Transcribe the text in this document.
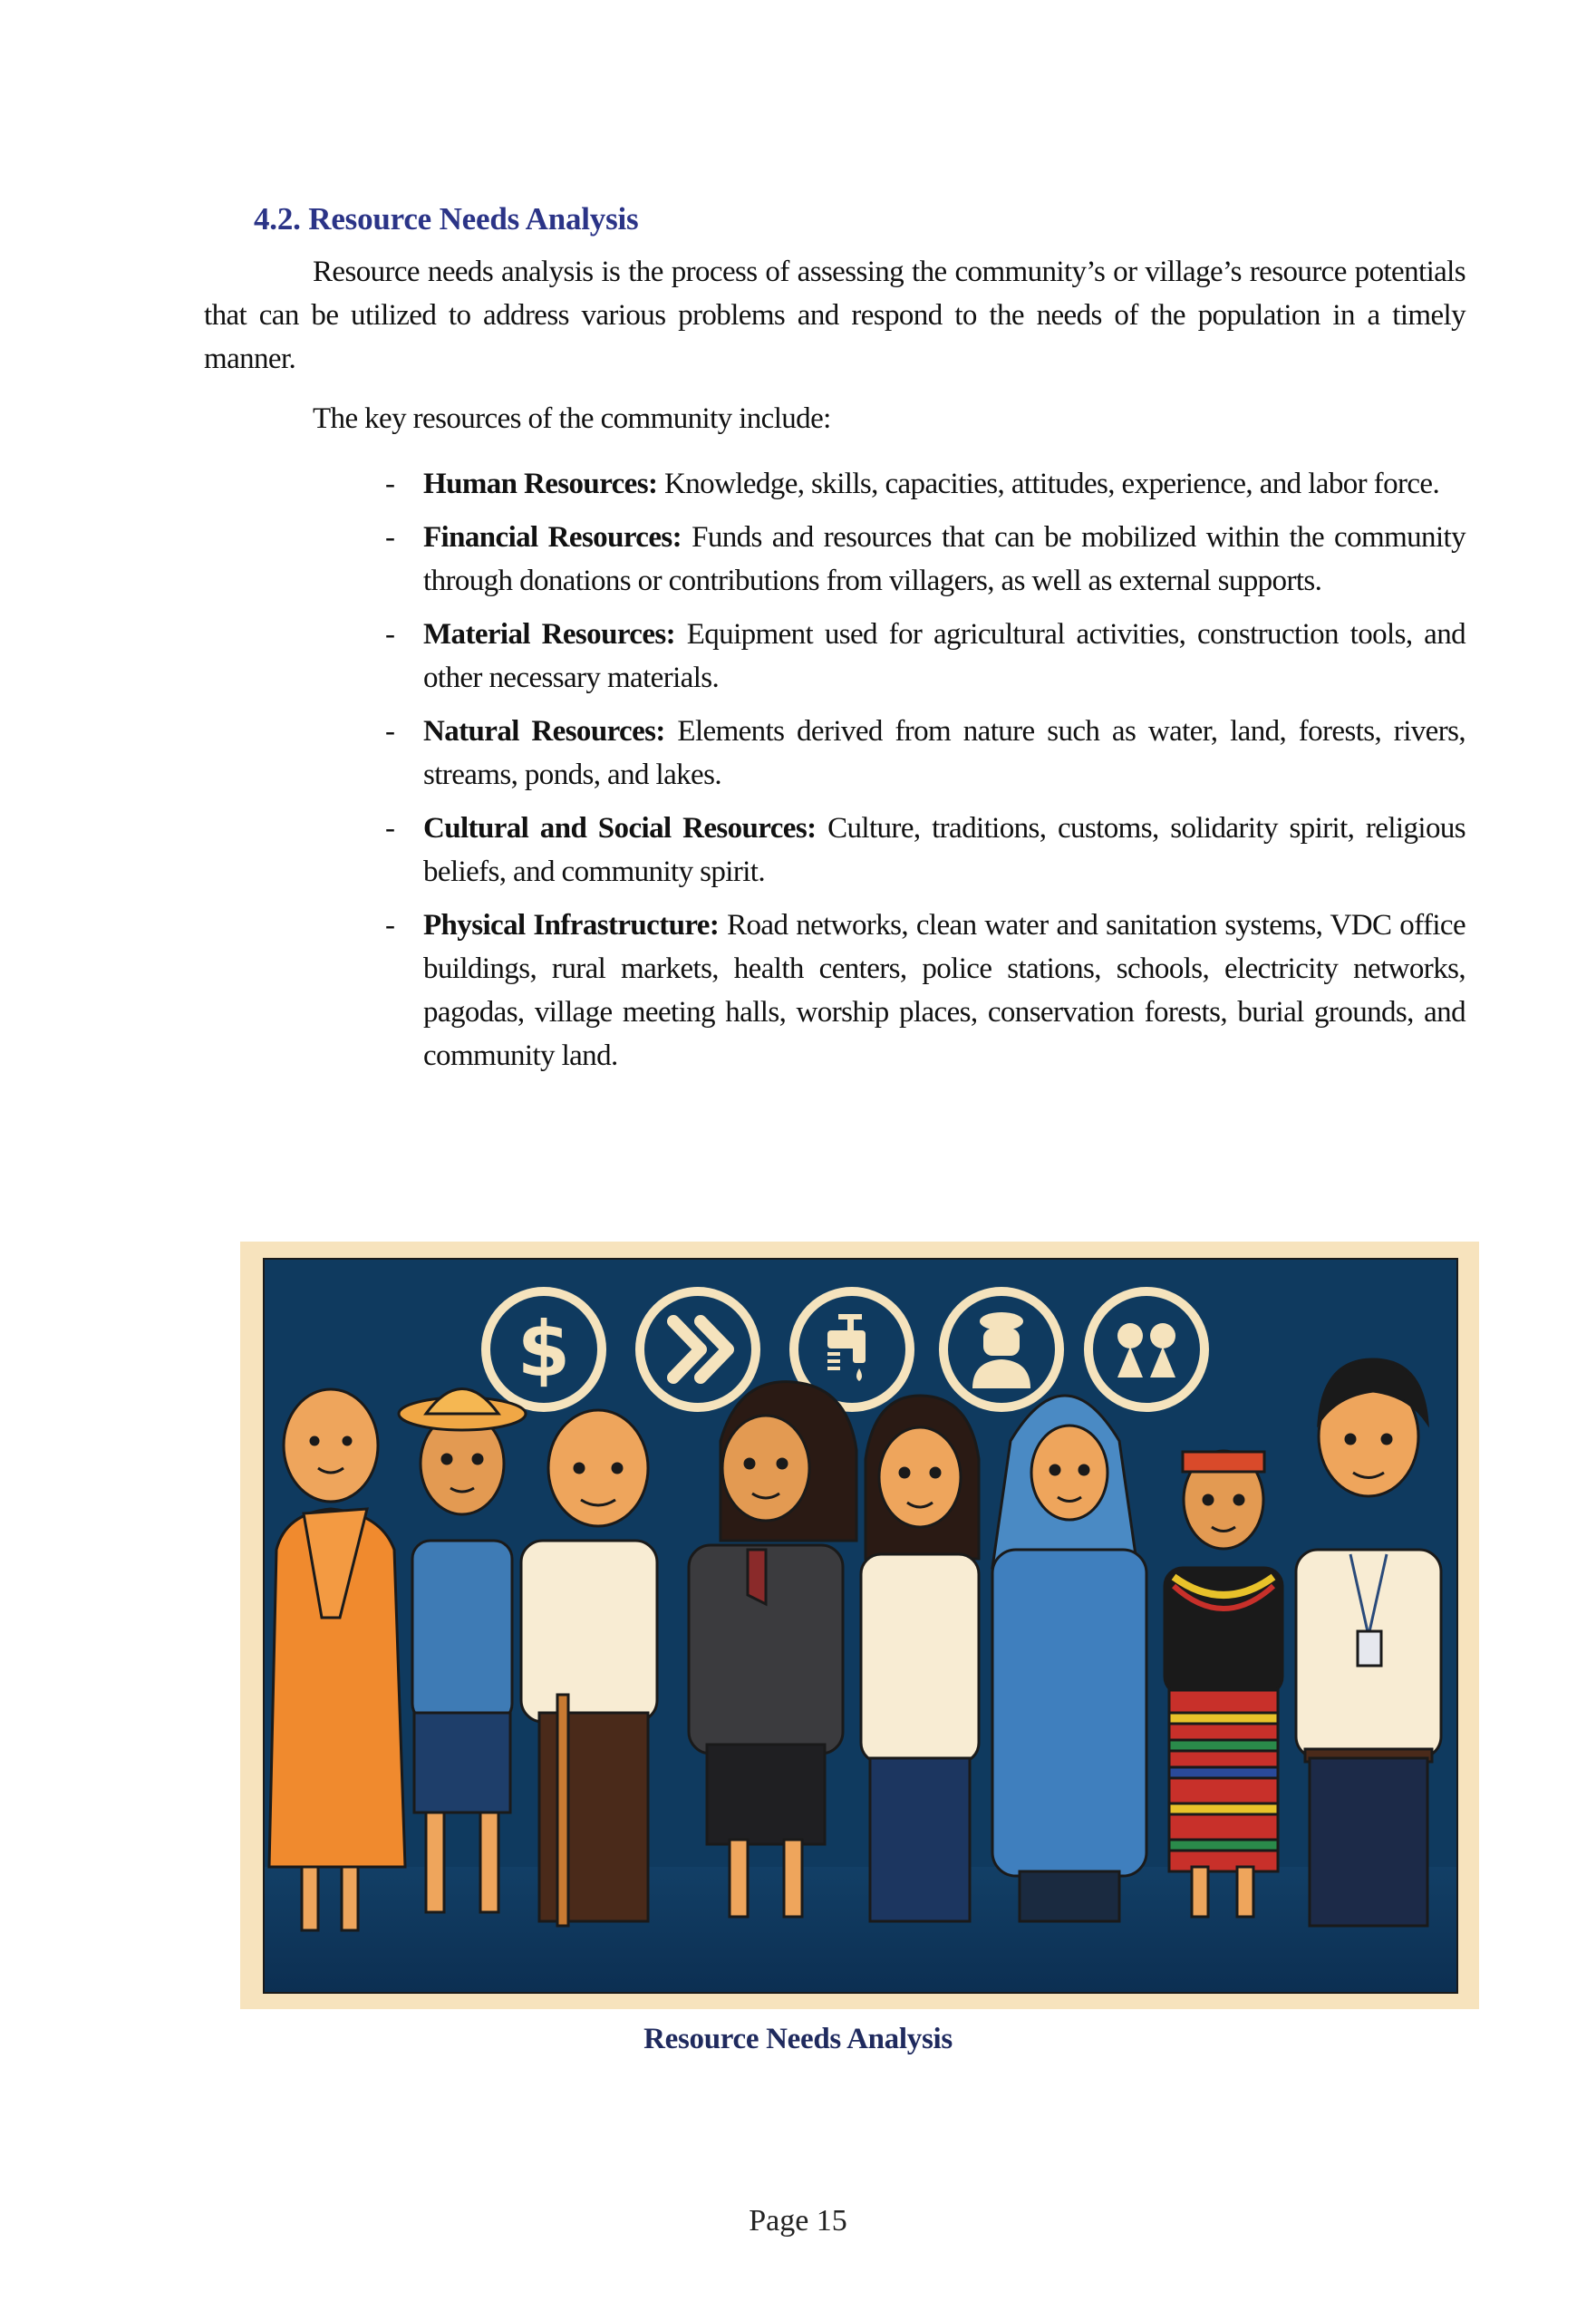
4.2. Resource Needs Analysis

Resource needs analysis is the process of assessing the community’s or village’s resource potentials that can be utilized to address various problems and respond to the needs of the population in a timely manner.

The key resources of the community include:

- Human Resources: Knowledge, skills, capacities, attitudes, experience, and labor force.
- Financial Resources: Funds and resources that can be mobilized within the community through donations or contributions from villagers, as well as external supports.
- Material Resources: Equipment used for agricultural activities, construction tools, and other necessary materials.
- Natural Resources: Elements derived from nature such as water, land, forests, rivers, streams, ponds, and lakes.
- Cultural and Social Resources: Culture, traditions, customs, solidarity spirit, religious beliefs, and community spirit.
- Physical Infrastructure: Road networks, clean water and sanitation systems, VDC office buildings, rural markets, health centers, police stations, schools, electricity networks, pagodas, village meeting halls, worship places, conservation forests, burial grounds, and community land.
$

Resource Needs Analysis

Page 15
